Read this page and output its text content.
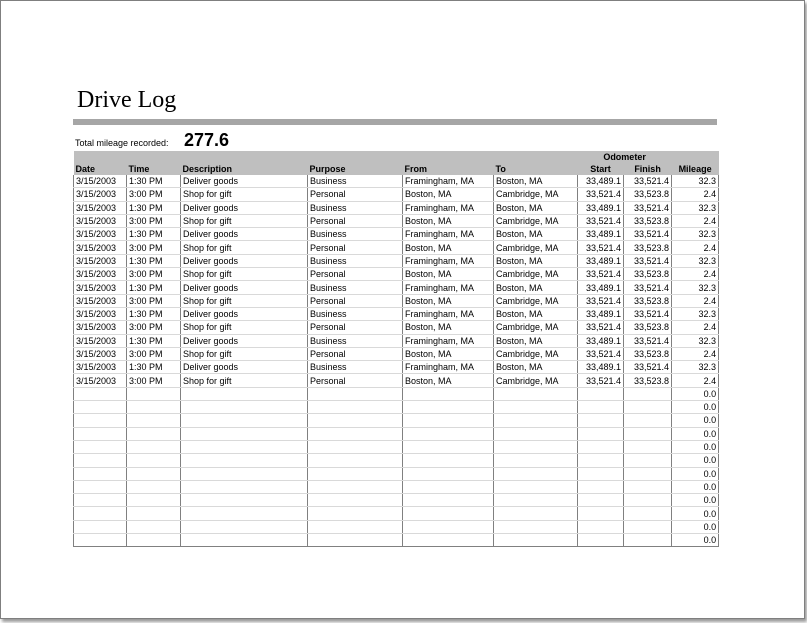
Drive Log
Total mileage recorded: 277.6
						Odometer		
Date	Time	Description	Purpose	From	To	Start	Finish	Mileage
3/15/2003	1:30 PM	Deliver goods	Business	Framingham, MA	Boston, MA	33,489.1	33,521.4	32.3
3/15/2003	3:00 PM	Shop for gift	Personal	Boston, MA	Cambridge, MA	33,521.4	33,523.8	2.4
3/15/2003	1:30 PM	Deliver goods	Business	Framingham, MA	Boston, MA	33,489.1	33,521.4	32.3
3/15/2003	3:00 PM	Shop for gift	Personal	Boston, MA	Cambridge, MA	33,521.4	33,523.8	2.4
3/15/2003	1:30 PM	Deliver goods	Business	Framingham, MA	Boston, MA	33,489.1	33,521.4	32.3
3/15/2003	3:00 PM	Shop for gift	Personal	Boston, MA	Cambridge, MA	33,521.4	33,523.8	2.4
3/15/2003	1:30 PM	Deliver goods	Business	Framingham, MA	Boston, MA	33,489.1	33,521.4	32.3
3/15/2003	3:00 PM	Shop for gift	Personal	Boston, MA	Cambridge, MA	33,521.4	33,523.8	2.4
3/15/2003	1:30 PM	Deliver goods	Business	Framingham, MA	Boston, MA	33,489.1	33,521.4	32.3
3/15/2003	3:00 PM	Shop for gift	Personal	Boston, MA	Cambridge, MA	33,521.4	33,523.8	2.4
3/15/2003	1:30 PM	Deliver goods	Business	Framingham, MA	Boston, MA	33,489.1	33,521.4	32.3
3/15/2003	3:00 PM	Shop for gift	Personal	Boston, MA	Cambridge, MA	33,521.4	33,523.8	2.4
3/15/2003	1:30 PM	Deliver goods	Business	Framingham, MA	Boston, MA	33,489.1	33,521.4	32.3
3/15/2003	3:00 PM	Shop for gift	Personal	Boston, MA	Cambridge, MA	33,521.4	33,523.8	2.4
3/15/2003	1:30 PM	Deliver goods	Business	Framingham, MA	Boston, MA	33,489.1	33,521.4	32.3
3/15/2003	3:00 PM	Shop for gift	Personal	Boston, MA	Cambridge, MA	33,521.4	33,523.8	2.4
								0.0
								0.0
								0.0
								0.0
								0.0
								0.0
								0.0
								0.0
								0.0
								0.0
								0.0
								0.0
